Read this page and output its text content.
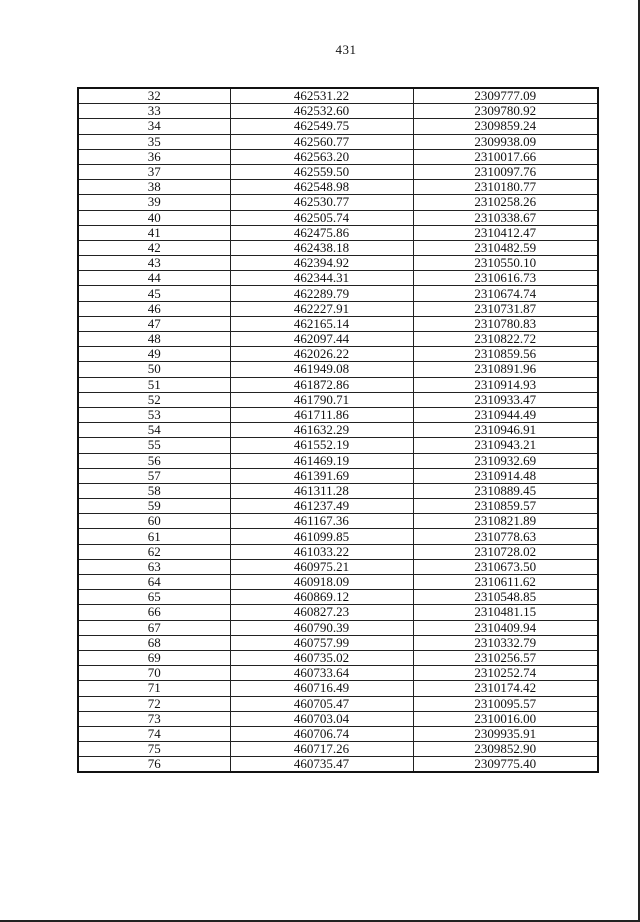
431
32	462531.22	2309777.09
33	462532.60	2309780.92
34	462549.75	2309859.24
35	462560.77	2309938.09
36	462563.20	2310017.66
37	462559.50	2310097.76
38	462548.98	2310180.77
39	462530.77	2310258.26
40	462505.74	2310338.67
41	462475.86	2310412.47
42	462438.18	2310482.59
43	462394.92	2310550.10
44	462344.31	2310616.73
45	462289.79	2310674.74
46	462227.91	2310731.87
47	462165.14	2310780.83
48	462097.44	2310822.72
49	462026.22	2310859.56
50	461949.08	2310891.96
51	461872.86	2310914.93
52	461790.71	2310933.47
53	461711.86	2310944.49
54	461632.29	2310946.91
55	461552.19	2310943.21
56	461469.19	2310932.69
57	461391.69	2310914.48
58	461311.28	2310889.45
59	461237.49	2310859.57
60	461167.36	2310821.89
61	461099.85	2310778.63
62	461033.22	2310728.02
63	460975.21	2310673.50
64	460918.09	2310611.62
65	460869.12	2310548.85
66	460827.23	2310481.15
67	460790.39	2310409.94
68	460757.99	2310332.79
69	460735.02	2310256.57
70	460733.64	2310252.74
71	460716.49	2310174.42
72	460705.47	2310095.57
73	460703.04	2310016.00
74	460706.74	2309935.91
75	460717.26	2309852.90
76	460735.47	2309775.40
